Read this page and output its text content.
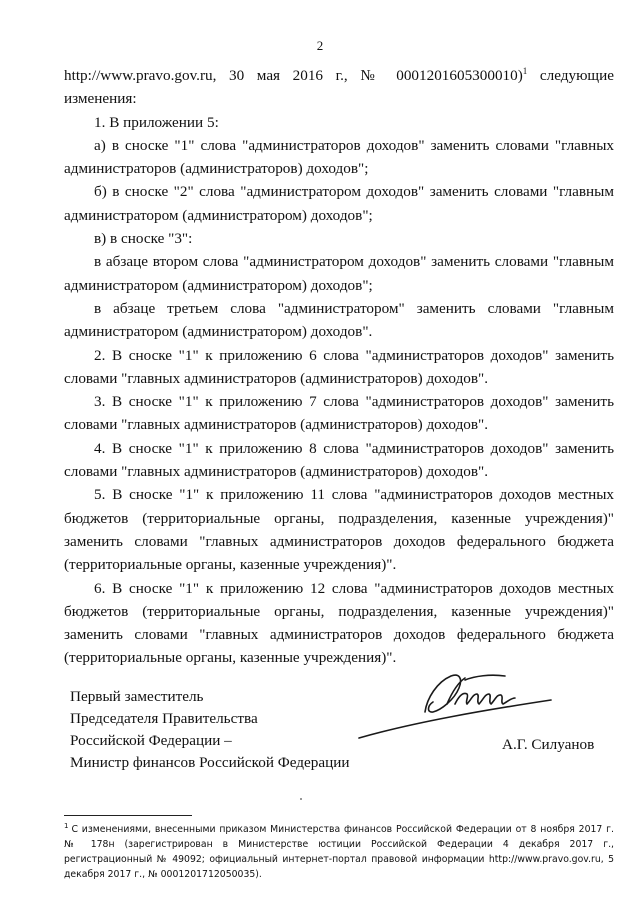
2

http://www.pravo.gov.ru, 30 мая 2016 г., № 0001201605300010)$^1$ следующие изменения:

1. В приложении 5:

а) в сноске "1" слова "администраторов доходов" заменить словами "главных администраторов (администраторов) доходов";

б) в сноске "2" слова "администратором доходов" заменить словами "главным администратором (администратором) доходов";

в) в сноске "3":

в абзаце втором слова "администратором доходов" заменить словами "главным администратором (администратором) доходов";

в абзаце третьем слова "администратором" заменить словами "главным администратором (администратором) доходов".

2. В сноске "1" к приложению 6 слова "администраторов доходов" заменить словами "главных администраторов (администраторов) доходов".

3. В сноске "1" к приложению 7 слова "администраторов доходов" заменить словами "главных администраторов (администраторов) доходов".

4. В сноске "1" к приложению 8 слова "администраторов доходов" заменить словами "главных администраторов (администраторов) доходов".

5. В сноске "1" к приложению 11 слова "администраторов доходов местных бюджетов (территориальные органы, подразделения, казенные учреждения)" заменить словами "главных администраторов доходов федерального бюджета (территориальные органы, казенные учреждения)".

6. В сноске "1" к приложению 12 слова "администраторов доходов местных бюджетов (территориальные органы, подразделения, казенные учреждения)" заменить словами "главных администраторов доходов федерального бюджета (территориальные органы, казенные учреждения)".

Первый заместитель
Председателя Правительства
Российской Федерации –
Министр финансов Российской Федерации
А.Г. Силуанов
$^1$ С изменениями, внесенными приказом Министерства финансов Российской Федерации от 8 ноября 2017 г. № 178н (зарегистрирован в Министерстве юстиции Российской Федерации 4 декабря 2017 г., регистрационный № 49092; официальный интернет-портал правовой информации http://www.pravo.gov.ru, 5 декабря 2017 г., № 0001201712050035).
